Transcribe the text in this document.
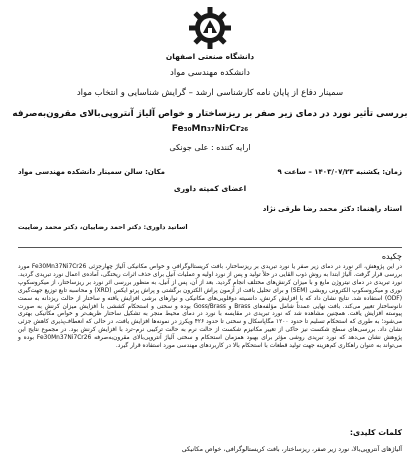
دانشگاه صنعتی اصفهان
دانشکده مهندسی مواد
سمینار دفاع از پایان نامه کارشناسی ارشد – گرایش شناسایی و انتخاب مواد
بررسی تأثیر نورد در دمای زیر صفر بر ریزساختار و خواص آلیاژ آنتروپی‌بالای مقرون‌به‌صرفه
Fe₃₀Mn₃₇Ni₇Cr₂₆
ارایه کننده : علی جونکی
زمان: یکشنبه ۱۴۰۳/۰۷/۲۳ – ساعت ۹
مکان: سالن سمینار دانشکده مهندسی مواد
اعضای کمیته داوری
استاد راهنما: دکتر محمد رضا طرقی نژاد
اساتید داوری: دکتر احمد رضاییان، دکتر محمد رضاییت
چکیده
در این پژوهش، اثر نورد در دمای زیر صفر یا نورد تبریدی بر ریزساختار، بافت کریستالوگرافی و خواص مکانیکی آلیاژ چهارجزئی Fe30Mn37Ni7Cr26 مورد بررسی قرار گرفت. آلیاژ ابتدا به روش ذوب القایی در خلأ تولید و پس از نورد اولیه و عملیات آنیل برای حذف اثرات ریختگی، آماده‌ی اعمال نورد تبریدی گردید. نورد تبریدی در دمای نیتروژن مایع و با میزان کرنش‌های مختلف انجام گردید. بعد از آن، پس از آنیل، به منظور بررسی اثر نورد بر ریزساختار، از میکروسکوپ نوری و میکروسکوپ الکترونی روبشی (SEM) و برای تحلیل بافت از آزمون پراش الکترون برگشتی و پراش پرتو ایکس (XRD) و محاسبه تابع توزیع جهت‌گیری (ODF) استفاده شد. نتایج نشان داد که با افزایش کرنش، دانسیته دوقلویی‌های مکانیکی و نوارهای برشی افزایش یافته و ساختار از حالت ریزدانه به سمت نانوساختار تغییر می‌کند. بافت نهایی عمدتاً شامل مؤلفه‌های Brass و Goss/Brass بوده و سختی و استحکام کششی با افزایش میزان کرنش به صورت پیوسته افزایش یافت. همچنین مشاهده شد که نورد تبریدی در مقایسه با نورد در دمای محیط منجر به تشکیل ساختار ظریف‌تر و خواص مکانیکی بهتری می‌شود؛ به طوری که استحکام تسلیم تا حدود ۱۲۰۰ مگاپاسکال و سختی تا حدود ۴۲۶ ویکرز در نمونه‌ها افزایش یافت، در حالی که انعطاف‌پذیری کاهش جزئی نشان داد. بررسی‌های سطح شکست نیز حاکی از تغییر مکانیزم شکست از حالت نرم به حالت ترکیبی نرم–ترد با افزایش کرنش بود. در مجموع نتایج این پژوهش نشان می‌دهد که نورد تبریدی روشی مؤثر برای بهبود همزمان استحکام و سختی آلیاژ آنتروپی‌بالای مقرون‌به‌صرفه Fe30Mn37Ni7Cr26 بوده و می‌تواند به عنوان راهکاری کم‌هزینه جهت تولید قطعات با استحکام بالا در کاربردهای مهندسی مورد استفاده قرار گیرد.
کلمات کلیدی:
آلیاژهای آنتروپی‌بالا، نورد زیر صفر، ریزساختار، بافت کریستالوگرافی، خواص مکانیکی
